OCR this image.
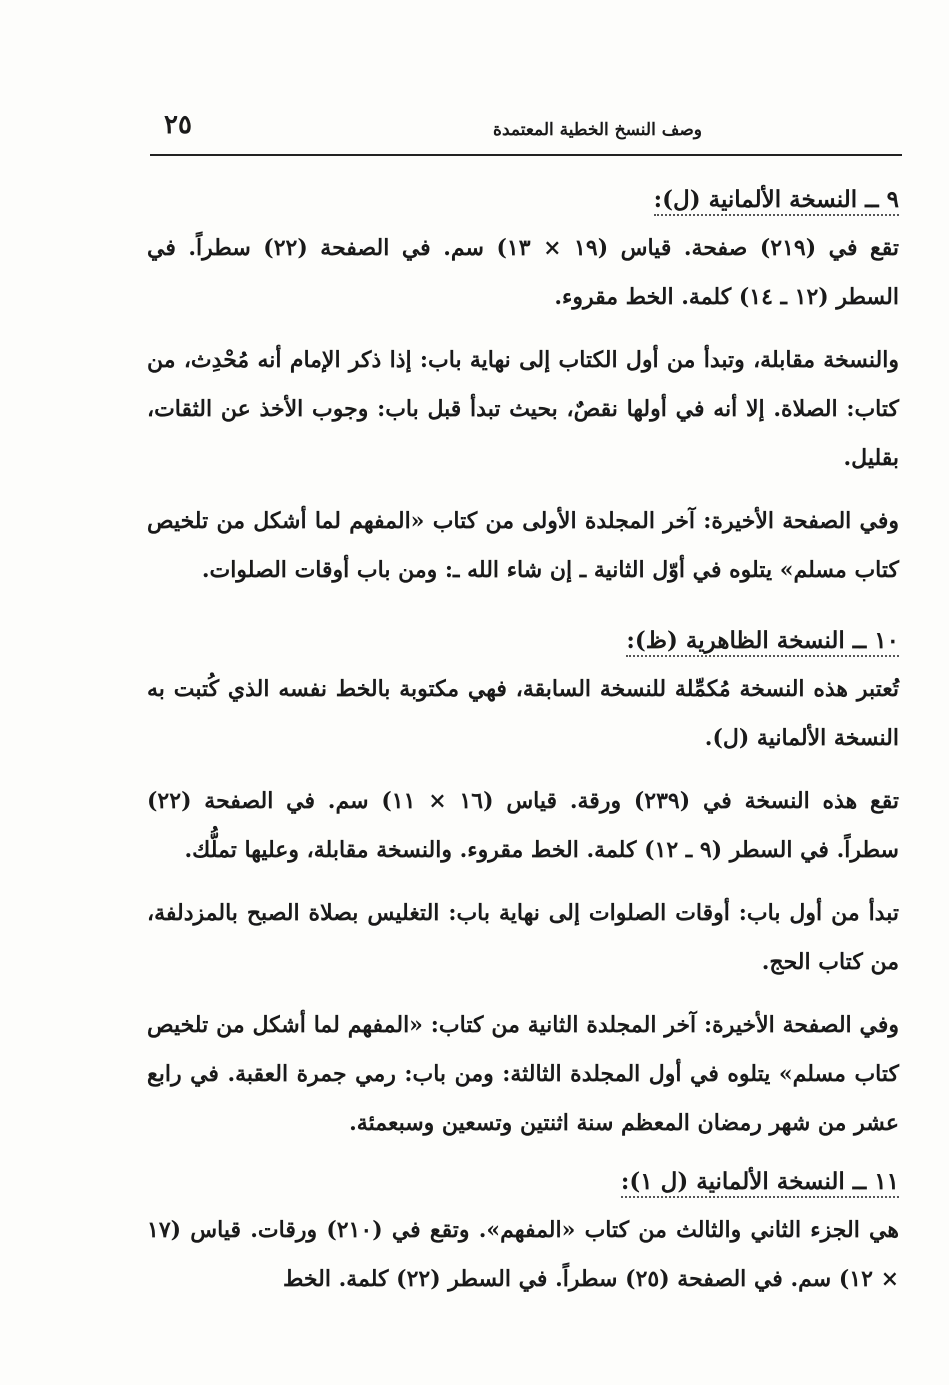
وصف النسخ الخطية المعتمدة
٢٥
٩ ــ النسخة الألمانية (ل):

تقع في (٢١٩) صفحة. قياس (١٩ × ١٣) سم. في الصفحة (٢٢) سطراً. في السطر (١٢ ـ ١٤) كلمة. الخط مقروء.

والنسخة مقابلة، وتبدأ من أول الكتاب إلى نهاية باب: إذا ذكر الإمام أنه مُحْدِث، من كتاب: الصلاة. إلا أنه في أولها نقصٌ، بحيث تبدأ قبل باب: وجوب الأخذ عن الثقات، بقليل.

وفي الصفحة الأخيرة: آخر المجلدة الأولى من كتاب «المفهم لما أشكل من تلخيص كتاب مسلم» يتلوه في أوّل الثانية ـ إن شاء الله ـ: ومن باب أوقات الصلوات.

١٠ ــ النسخة الظاهرية (ظ):

تُعتبر هذه النسخة مُكمِّلة للنسخة السابقة، فهي مكتوبة بالخط نفسه الذي كُتبت به النسخة الألمانية (ل).

تقع هذه النسخة في (٢٣٩) ورقة. قياس (١٦ × ١١) سم. في الصفحة (٢٢) سطراً. في السطر (٩ ـ ١٢) كلمة. الخط مقروء. والنسخة مقابلة، وعليها تملُّك.

تبدأ من أول باب: أوقات الصلوات إلى نهاية باب: التغليس بصلاة الصبح بالمزدلفة، من كتاب الحج.

وفي الصفحة الأخيرة: آخر المجلدة الثانية من كتاب: «المفهم لما أشكل من تلخيص كتاب مسلم» يتلوه في أول المجلدة الثالثة: ومن باب: رمي جمرة العقبة. في رابع عشر من شهر رمضان المعظم سنة اثنتين وتسعين وسبعمئة.

١١ ــ النسخة الألمانية (ل ١):

هي الجزء الثاني والثالث من كتاب «المفهم». وتقع في (٢١٠) ورقات. قياس (١٧ × ١٢) سم. في الصفحة (٢٥) سطراً. في السطر (٢٢) كلمة. الخط
